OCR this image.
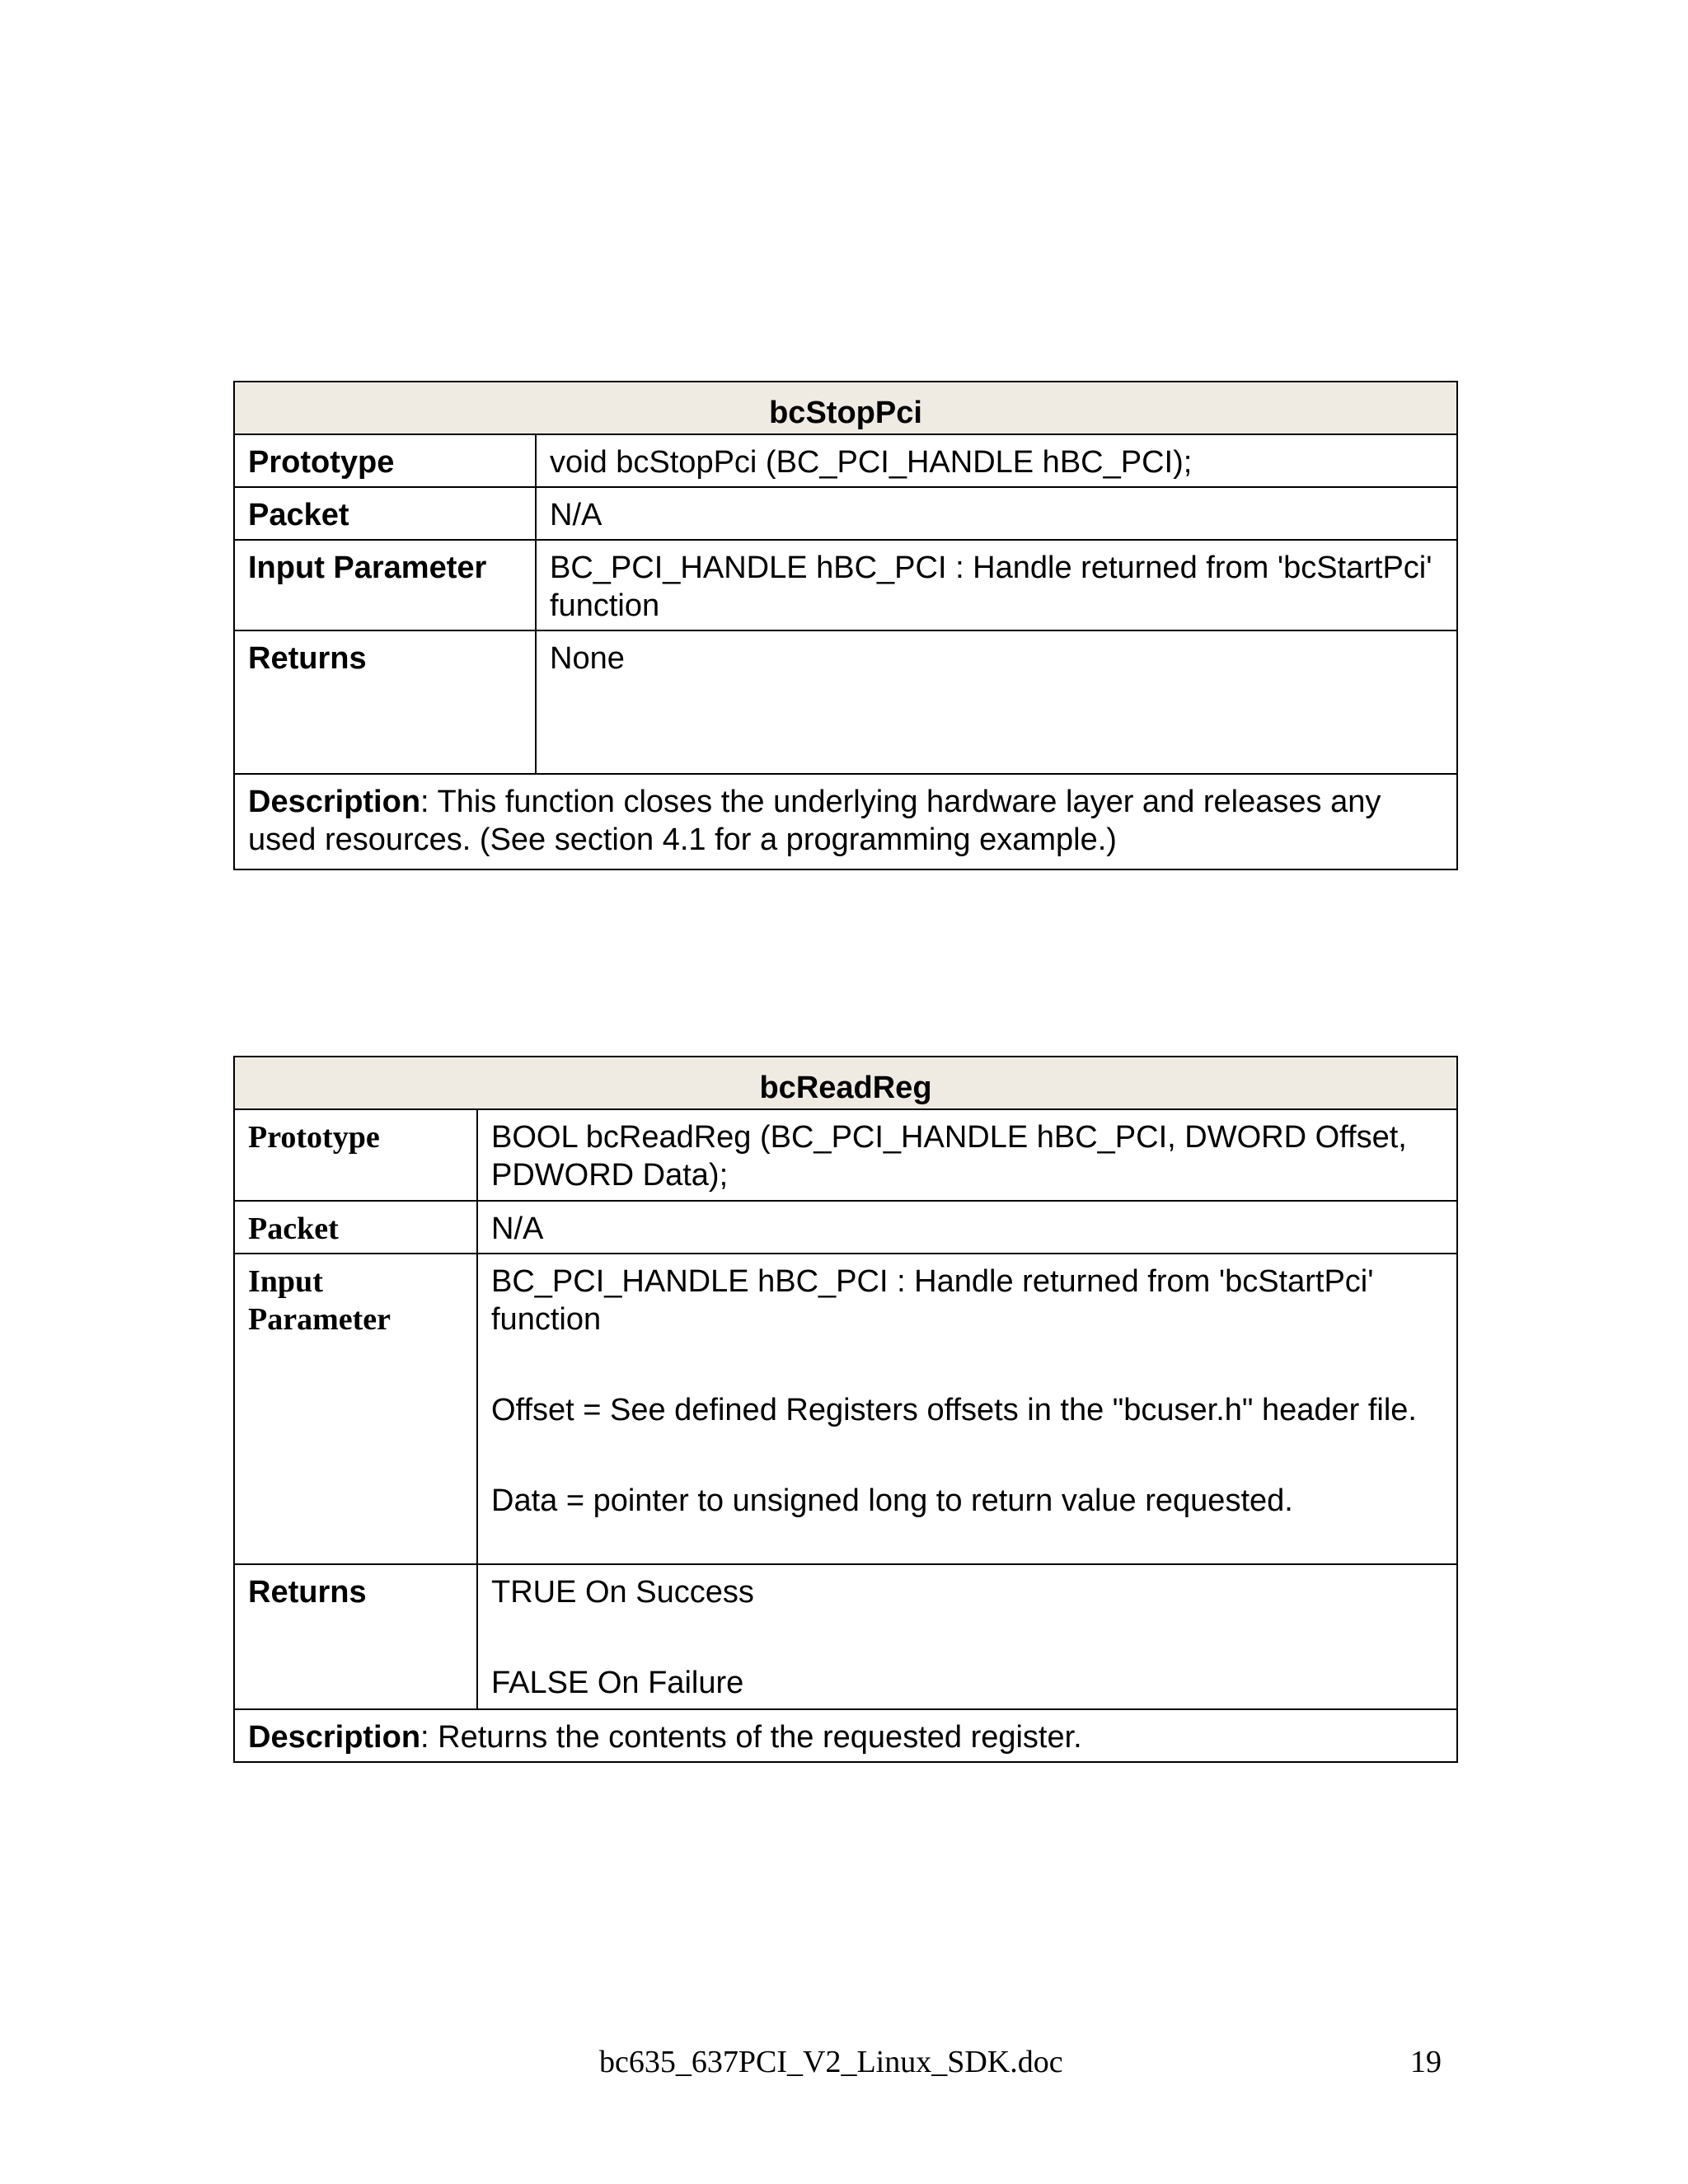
bcStopPci	
Prototype	void bcStopPci (BC_PCI_HANDLE hBC_PCI);
Packet	N/A
Input Parameter	BC_PCI_HANDLE hBC_PCI : Handle returned from 'bcStartPci' function
Returns	None
Description: This function closes the underlying hardware layer and releases any used resources. (See section 4.1 for a programming example.)	
bcReadReg	
Prototype	BOOL bcReadReg (BC_PCI_HANDLE hBC_PCI, DWORD Offset, PDWORD Data);
Packet	N/A
Input Parameter	BC_PCI_HANDLE hBC_PCI : Handle returned from 'bcStartPci' function
Offset = See defined Registers offsets in the "bcuser.h" header file.
Data = pointer to unsigned long to return value requested.

Returns	TRUE On Success
FALSE On Failure

Description: Returns the contents of the requested register.	
bc635_637PCI_V2_Linux_SDK.doc	19
